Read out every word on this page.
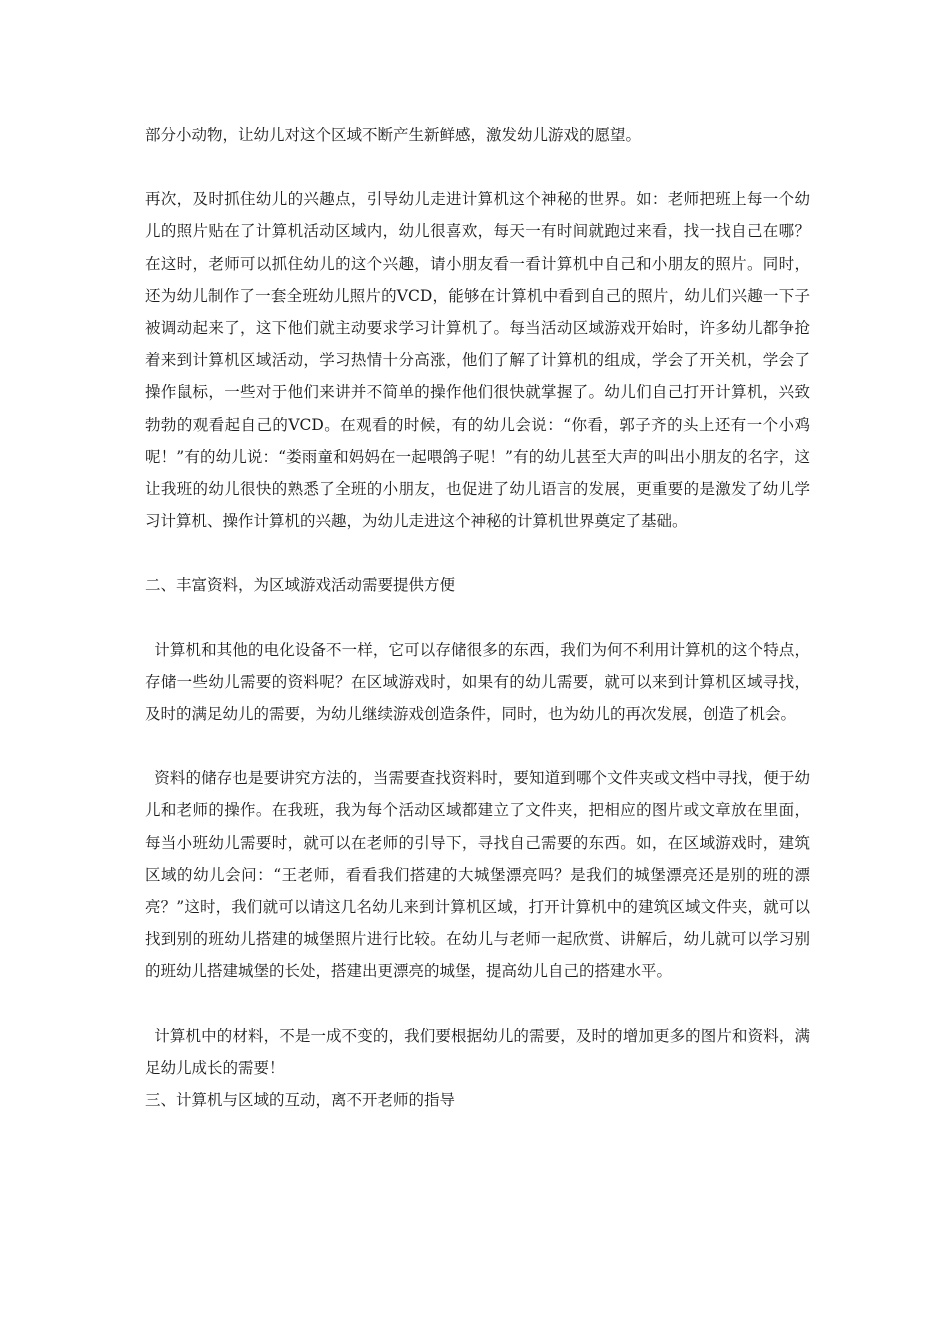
部分小动物，让幼儿对这个区域不断产生新鲜感，激发幼儿游戏的愿望。

再次，及时抓住幼儿的兴趣点，引导幼儿走进计算机这个神秘的世界。如：老师把班上每一个幼儿的照片贴在了计算机活动区域内，幼儿很喜欢，每天一有时间就跑过来看，找一找自己在哪？在这时，老师可以抓住幼儿的这个兴趣，请小朋友看一看计算机中自己和小朋友的照片。同时，还为幼儿制作了一套全班幼儿照片的VCD，能够在计算机中看到自己的照片，幼儿们兴趣一下子被调动起来了，这下他们就主动要求学习计算机了。每当活动区域游戏开始时，许多幼儿都争抢着来到计算机区域活动，学习热情十分高涨，他们了解了计算机的组成，学会了开关机，学会了操作鼠标，一些对于他们来讲并不简单的操作他们很快就掌握了。幼儿们自己打开计算机，兴致勃勃的观看起自己的VCD。在观看的时候，有的幼儿会说：“你看，郭子齐的头上还有一个小鸡呢！”有的幼儿说：“娄雨童和妈妈在一起喂鸽子呢！”有的幼儿甚至大声的叫出小朋友的名字，这让我班的幼儿很快的熟悉了全班的小朋友，也促进了幼儿语言的发展，更重要的是激发了幼儿学习计算机、操作计算机的兴趣，为幼儿走进这个神秘的计算机世界奠定了基础。

二、丰富资料，为区域游戏活动需要提供方便

计算机和其他的电化设备不一样，它可以存储很多的东西，我们为何不利用计算机的这个特点，存储一些幼儿需要的资料呢？在区域游戏时，如果有的幼儿需要，就可以来到计算机区域寻找，及时的满足幼儿的需要，为幼儿继续游戏创造条件，同时，也为幼儿的再次发展，创造了机会。

资料的储存也是要讲究方法的，当需要查找资料时，要知道到哪个文件夹或文档中寻找，便于幼儿和老师的操作。在我班，我为每个活动区域都建立了文件夹，把相应的图片或文章放在里面，每当小班幼儿需要时，就可以在老师的引导下，寻找自己需要的东西。如，在区域游戏时，建筑区域的幼儿会问：“王老师，看看我们搭建的大城堡漂亮吗？是我们的城堡漂亮还是别的班的漂亮？”这时，我们就可以请这几名幼儿来到计算机区域，打开计算机中的建筑区域文件夹，就可以找到别的班幼儿搭建的城堡照片进行比较。在幼儿与老师一起欣赏、讲解后，幼儿就可以学习别的班幼儿搭建城堡的长处，搭建出更漂亮的城堡，提高幼儿自己的搭建水平。

计算机中的材料，不是一成不变的，我们要根据幼儿的需要，及时的增加更多的图片和资料，满足幼儿成长的需要！

三、计算机与区域的互动，离不开老师的指导
